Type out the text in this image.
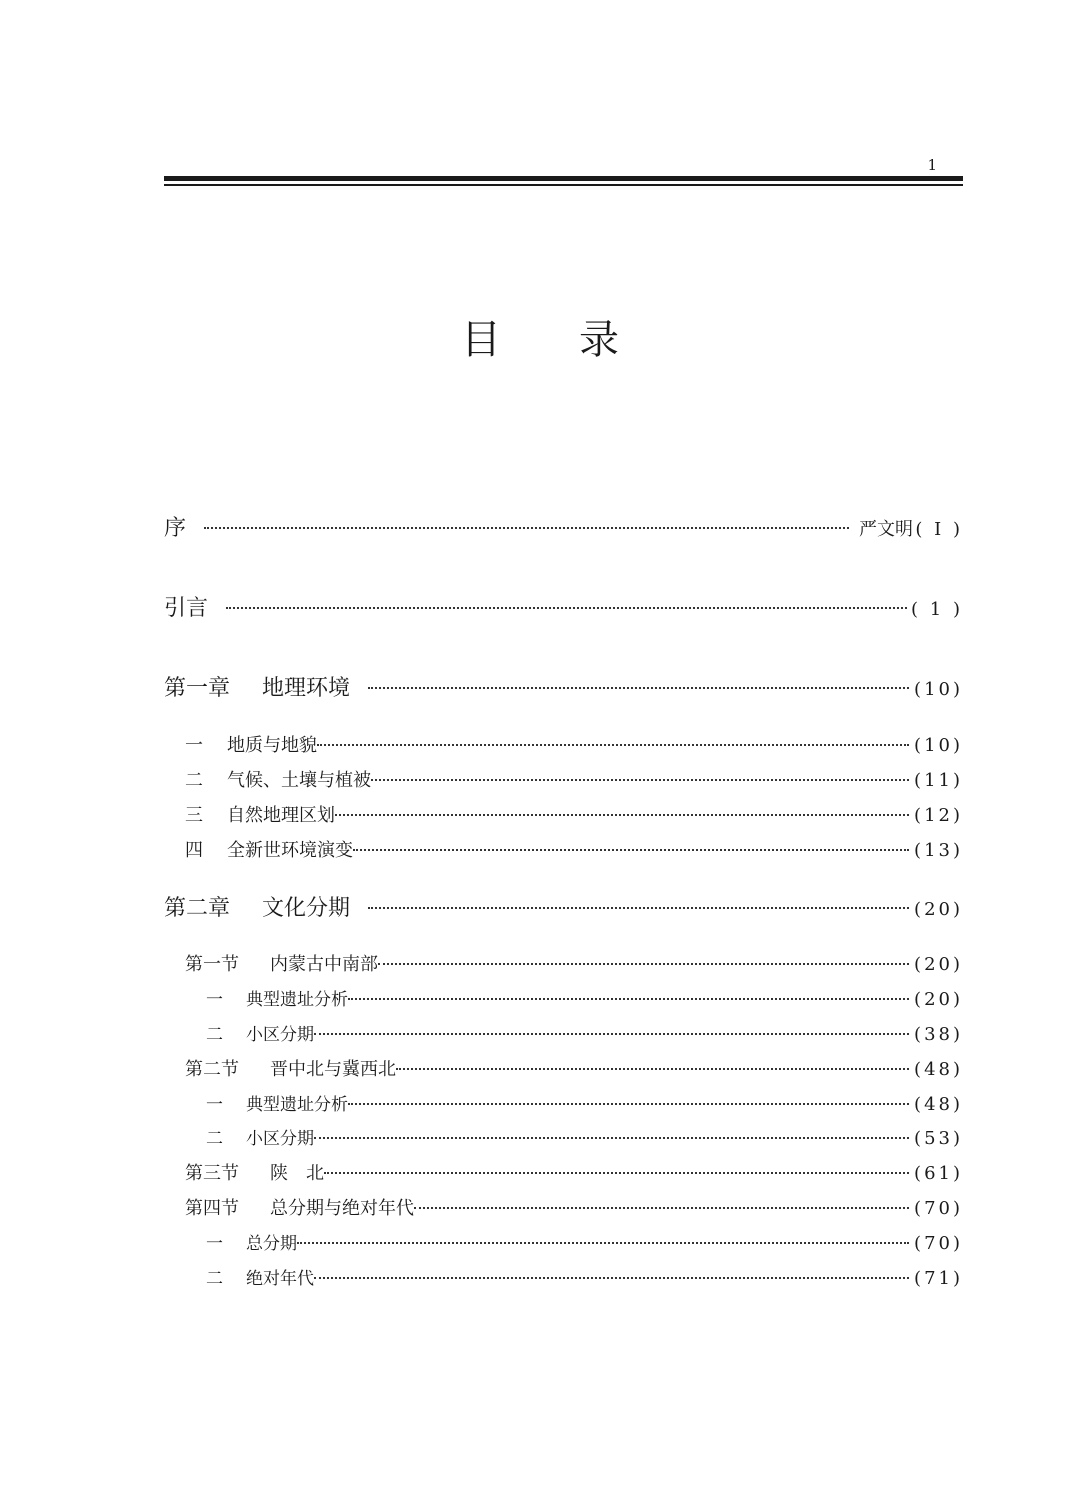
1
目录
序	严文明 ( Ⅰ )
引言	( 1 )
第一章	地理环境	(10)
一	地质与地貌	(10)
二	气候、土壤与植被	(11)
三	自然地理区划	(12)
四	全新世环境演变	(13)
第二章	文化分期	(20)
第一节	内蒙古中南部	(20)
一	典型遗址分析	(20)
二	小区分期	(38)
第二节	晋中北与冀西北	(48)
一	典型遗址分析	(48)
二	小区分期	(53)
第三节	陕　北	(61)
第四节	总分期与绝对年代	(70)
一	总分期	(70)
二	绝对年代	(71)
